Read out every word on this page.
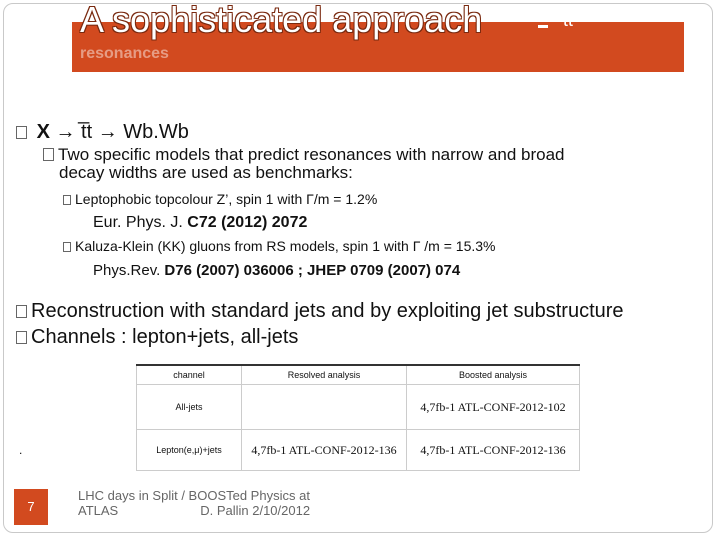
A sophisticated approach
resonances
tt
X → t̅t → Wb.Wb
Two specific models that predict resonances with narrow and broad
decay widths are used as benchmarks:
Leptophobic topcolour Z’, spin 1 with Γ/m = 1.2%
Eur. Phys. J. C72 (2012) 2072
Kaluza-Klein (KK) gluons from RS models, spin 1 with Γ /m = 15.3%
Phys.Rev. D76 (2007) 036006 ; JHEP 0709 (2007) 074
Reconstruction with standard jets and by exploiting jet substructure
Channels : lepton+jets, all-jets
channel	Resolved analysis	Boosted analysis
All-jets		4,7fb-1 ATL-CONF-2012-102
Lepton(e,μ)+jets	4,7fb-1 ATL-CONF-2012-136	4,7fb-1 ATL-CONF-2012-136
.
7
LHC days in Split / BOOSTed Physics at
ATLAS	D. Pallin 2/10/2012
